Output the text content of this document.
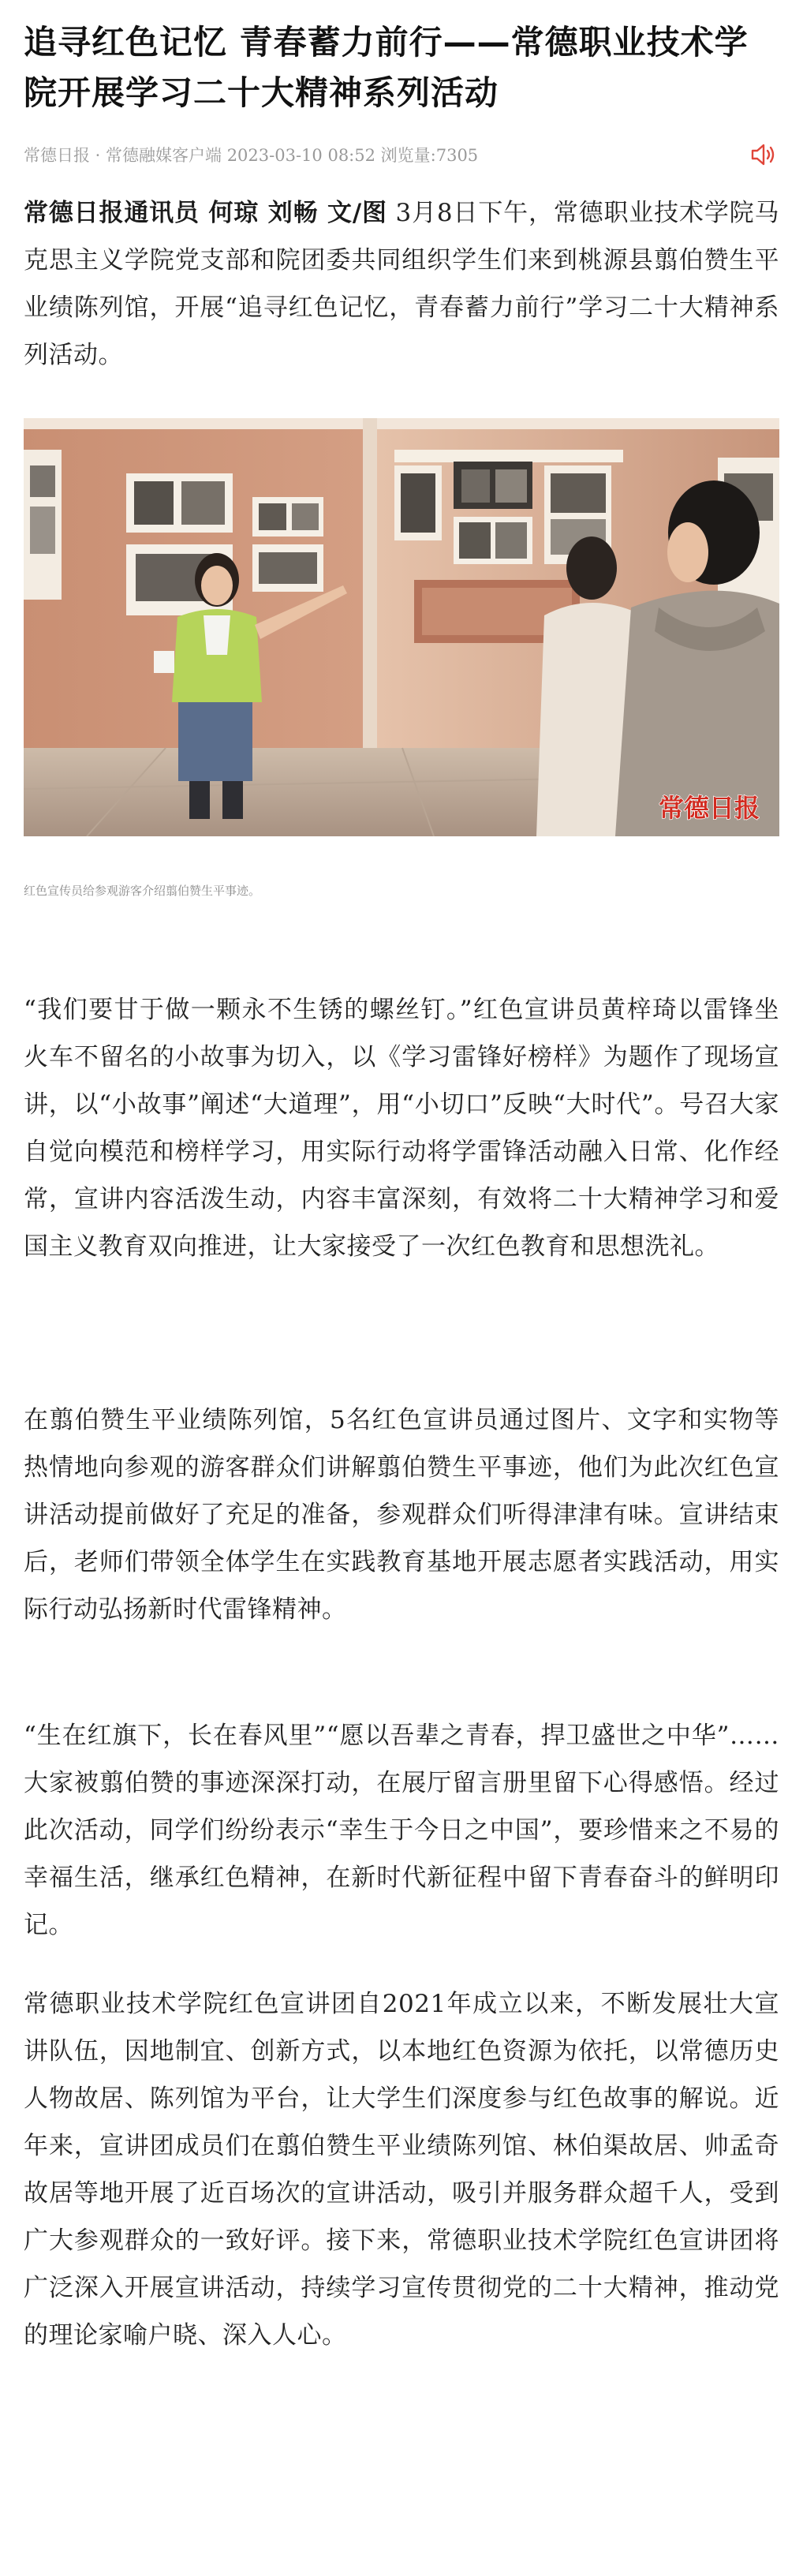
追寻红色记忆 青春蓄力前行——常德职业技术学院开展学习二十大精神系列活动
常德日报 · 常德融媒客户端 2023-03-10 08:52 浏览量:7305

常德日报通讯员 何琼 刘畅 文/图 3月8日下午，常德职业技术学院马克思主义学院党支部和院团委共同组织学生们来到桃源县翦伯赞生平业绩陈列馆，开展“追寻红色记忆，青春蓄力前行”学习二十大精神系列活动。

常德日报
红色宣传员给参观游客介绍翦伯赞生平事迹。

“我们要甘于做一颗永不生锈的螺丝钉。”红色宣讲员黄梓琦以雷锋坐火车不留名的小故事为切入，以《学习雷锋好榜样》为题作了现场宣讲，以“小故事”阐述“大道理”，用“小切口”反映“大时代”。号召大家自觉向模范和榜样学习，用实际行动将学雷锋活动融入日常、化作经常，宣讲内容活泼生动，内容丰富深刻，有效将二十大精神学习和爱国主义教育双向推进，让大家接受了一次红色教育和思想洗礼。

在翦伯赞生平业绩陈列馆，5名红色宣讲员通过图片、文字和实物等热情地向参观的游客群众们讲解翦伯赞生平事迹，他们为此次红色宣讲活动提前做好了充足的准备，参观群众们听得津津有味。宣讲结束后，老师们带领全体学生在实践教育基地开展志愿者实践活动，用实际行动弘扬新时代雷锋精神。

“生在红旗下，长在春风里”“愿以吾辈之青春，捍卫盛世之中华”……大家被翦伯赞的事迹深深打动，在展厅留言册里留下心得感悟。经过此次活动，同学们纷纷表示“幸生于今日之中国”，要珍惜来之不易的幸福生活，继承红色精神，在新时代新征程中留下青春奋斗的鲜明印记。

常德职业技术学院红色宣讲团自2021年成立以来，不断发展壮大宣讲队伍，因地制宜、创新方式，以本地红色资源为依托，以常德历史人物故居、陈列馆为平台，让大学生们深度参与红色故事的解说。近年来，宣讲团成员们在翦伯赞生平业绩陈列馆、林伯渠故居、帅孟奇故居等地开展了近百场次的宣讲活动，吸引并服务群众超千人，受到广大参观群众的一致好评。接下来，常德职业技术学院红色宣讲团将广泛深入开展宣讲活动，持续学习宣传贯彻党的二十大精神，推动党的理论家喻户晓、深入人心。
